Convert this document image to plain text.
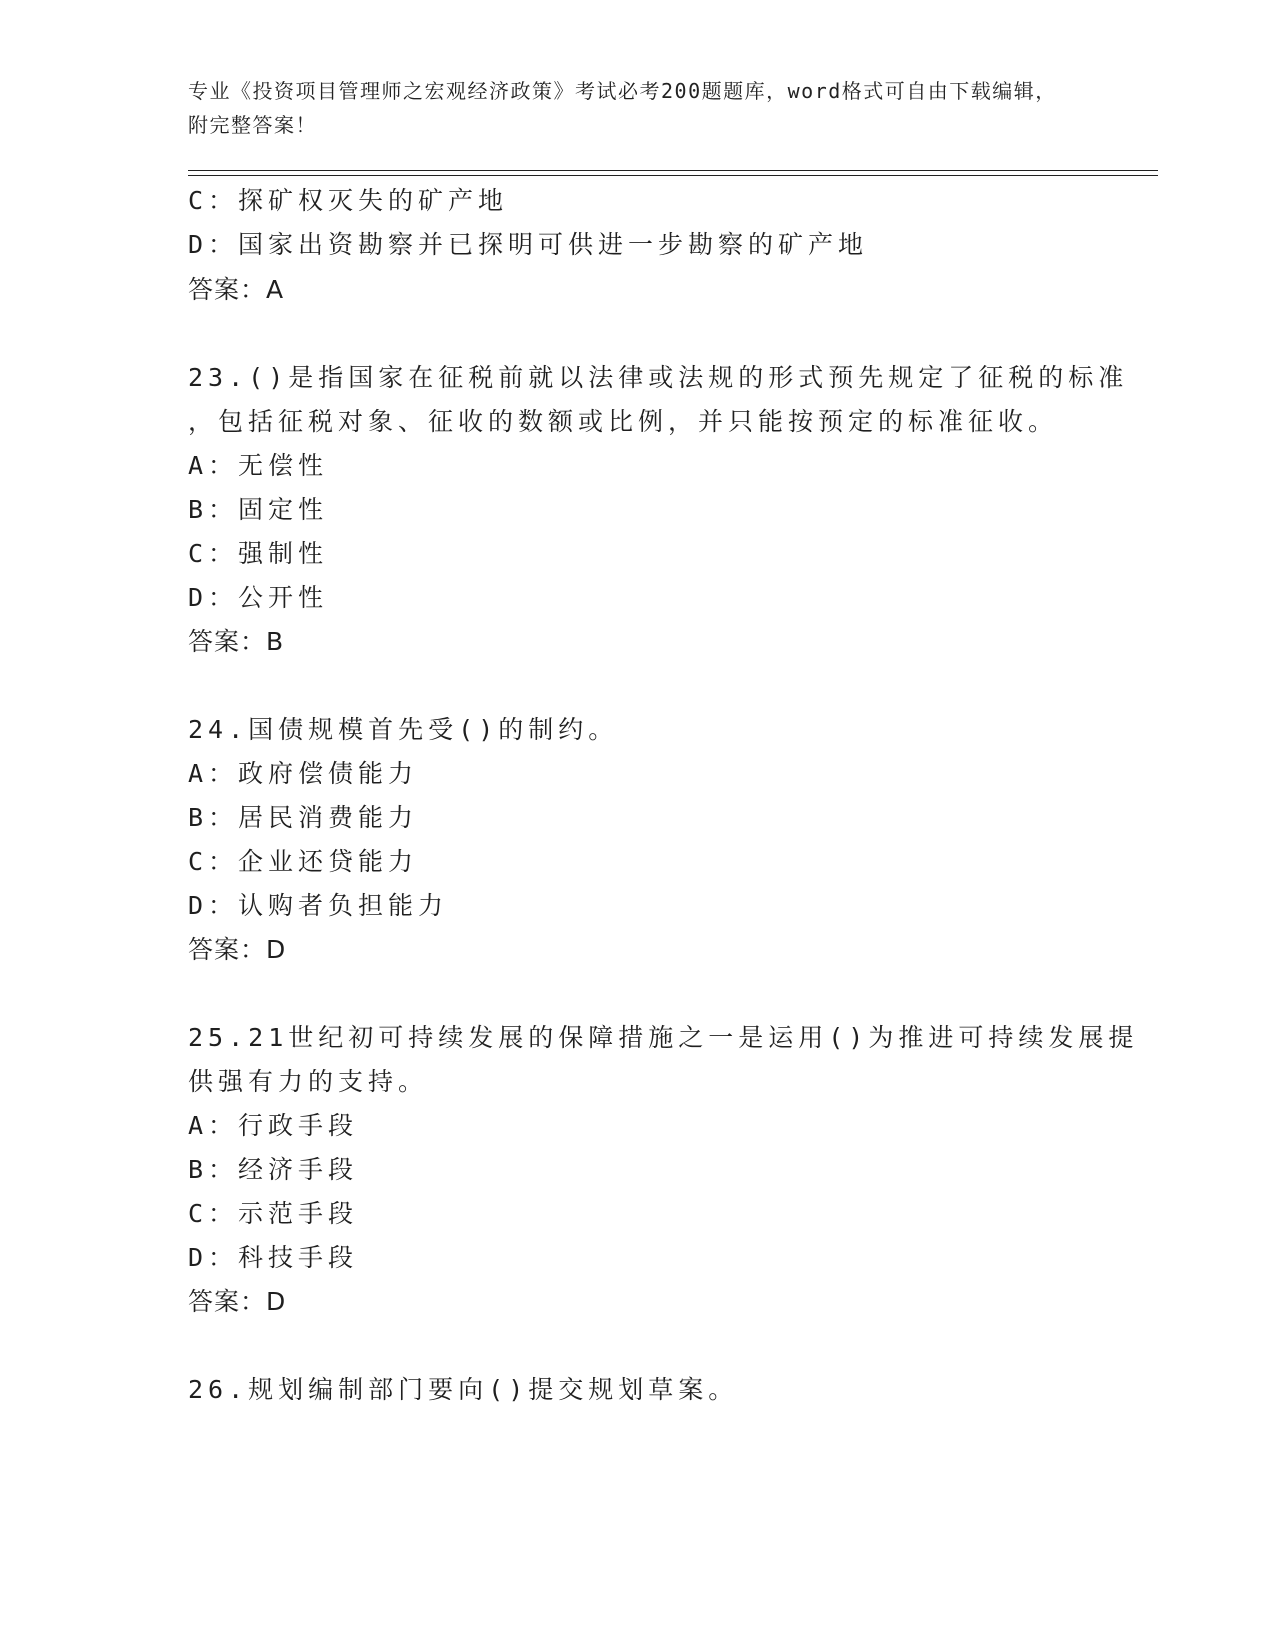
专业《投资项目管理师之宏观经济政策》考试必考200题题库，word格式可自由下载编辑，附完整答案！
C：探矿权灭失的矿产地
D：国家出资勘察并已探明可供进一步勘察的矿产地
答案：A
23.()是指国家在征税前就以法律或法规的形式预先规定了征税的标准
，包括征税对象、征收的数额或比例，并只能按预定的标准征收。
A：无偿性
B：固定性
C：强制性
D：公开性
答案：B
24.国债规模首先受()的制约。
A：政府偿债能力
B：居民消费能力
C：企业还贷能力
D：认购者负担能力
答案：D
25.21世纪初可持续发展的保障措施之一是运用()为推进可持续发展提
供强有力的支持。
A：行政手段
B：经济手段
C：示范手段
D：科技手段
答案：D
26.规划编制部门要向()提交规划草案。
